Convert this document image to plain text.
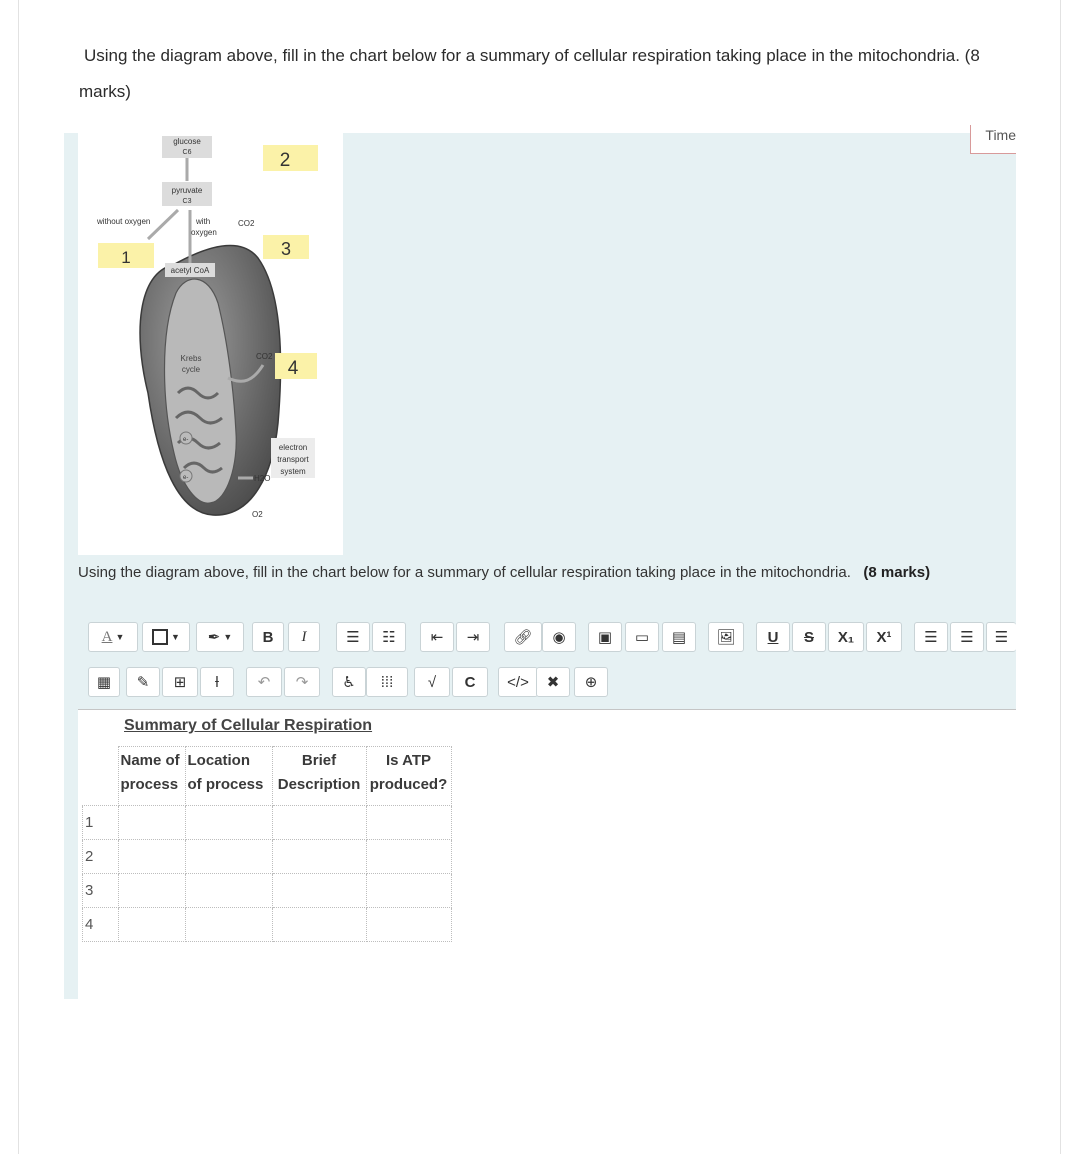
Using the diagram above, fill in the chart below for a summary of cellular respiration taking place in the mitochondria. (8
marks)
Time
glucose
C6
pyruvate
C3
without oxygen	with
oxygen
CO2
acetyl CoA
Krebs
cycle
CO2
e-
e-
electron
transport
system
H2O
O2
1
2
3
4
Using the diagram above, fill in the chart below for a summary of cellular respiration taking place in the mitochondria. (8 marks)
A ▼	▼ ✒ ▼	B	I	☰ ☷ ⇤ ⇥ 🔗︎ ◉ ▣ ▭ ▤ 🖼︎	U	S	X₁	X¹	☰ ☰ ☰
▦ ✎ ⊞ Ɨ	↶ ↷ ♿︎ ⁞⁞⁞ √ C	</>	✖ ⊕
Summary of Cellular Respiration
	Name of
process	Location
of process	Brief
Description	Is ATP
produced?
1				
2				
3				
4				
